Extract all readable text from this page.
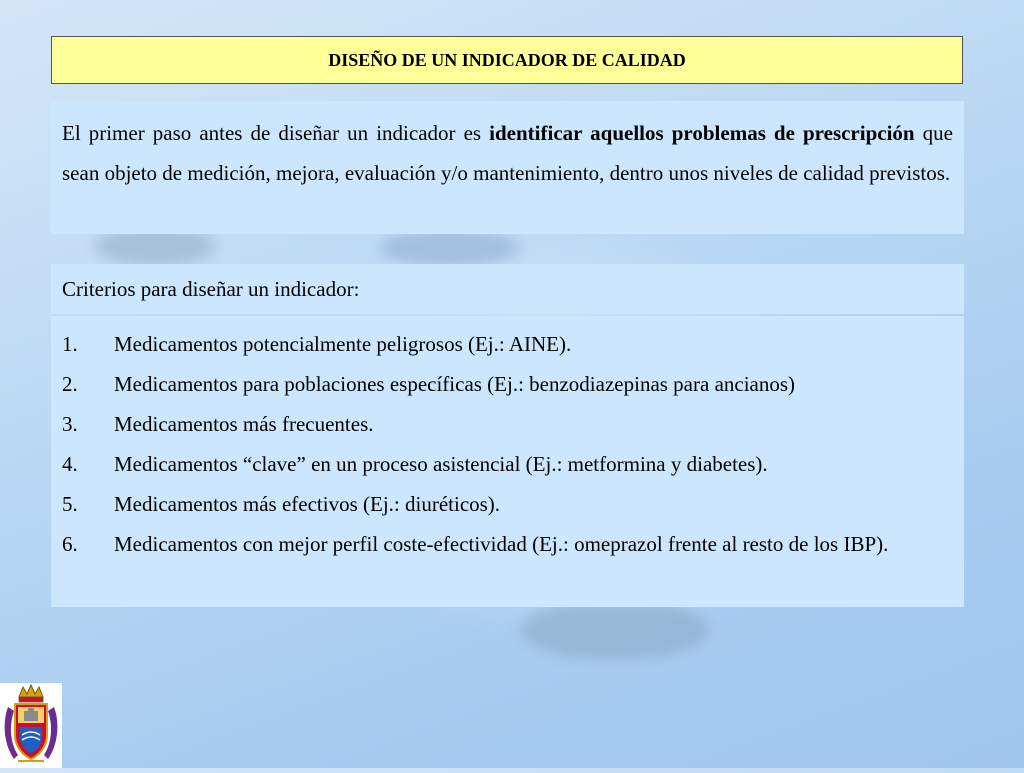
DISEÑO DE UN INDICADOR DE CALIDAD
El primer paso antes de diseñar un indicador es identificar aquellos problemas de prescripción que sean objeto de medición, mejora, evaluación y/o mantenimiento, dentro unos niveles de calidad previstos.
Criterios para diseñar un indicador:
1.	Medicamentos potencialmente peligrosos (Ej.: AINE).
2.	Medicamentos para poblaciones específicas (Ej.: benzodiazepinas para ancianos)
3.	Medicamentos más frecuentes.
4.	Medicamentos “clave” en un proceso asistencial (Ej.: metformina y diabetes).
5.	Medicamentos más efectivos (Ej.: diuréticos).
6.	Medicamentos con mejor perfil coste-efectividad (Ej.: omeprazol frente al resto de los IBP).
